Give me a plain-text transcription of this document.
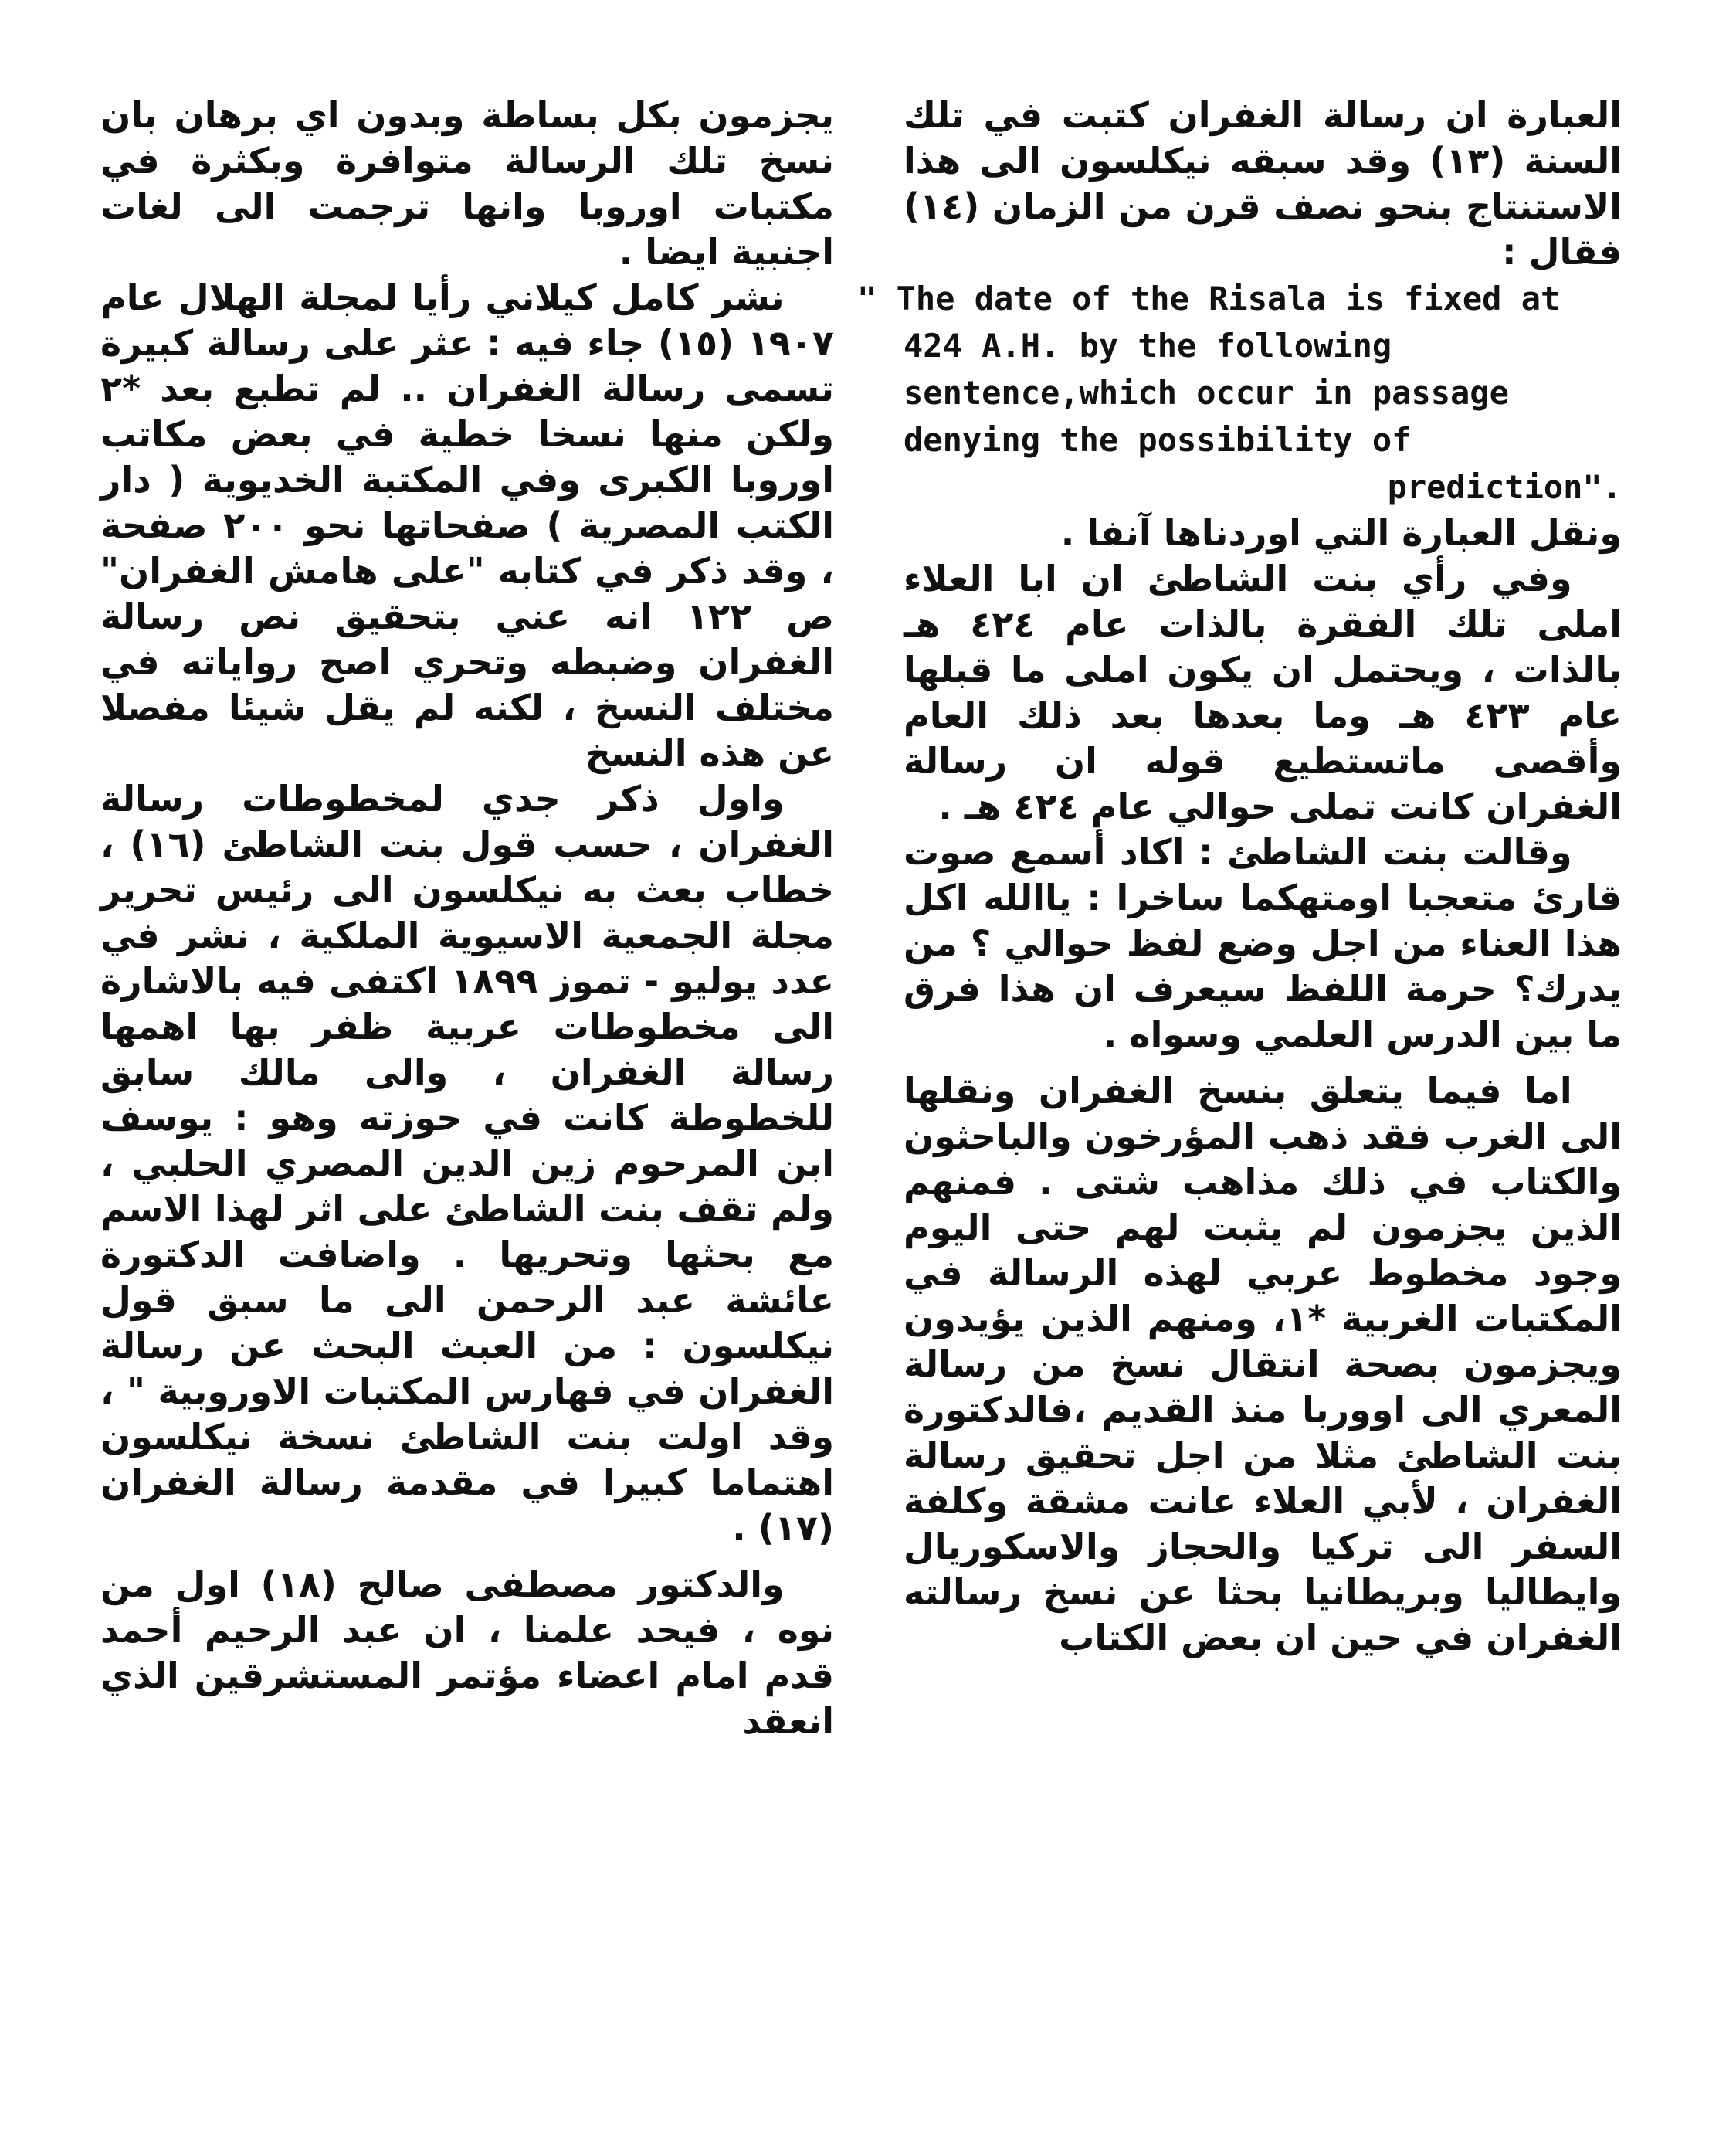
العبارة ان رسالة الغفران كتبت في تلك السنة (١٣) وقد سبقه نيكلسون الى هذا الاستنتاج بنحو نصف قرن من الزمان (١٤) فقال :

" The date of the Risala is fixed at 424 A.H. by the following sentence,which occur in passage denying the possibility of prediction".

ونقل العبارة التي اوردناها آنفا .

وفي رأي بنت الشاطئ ان ابا العلاء املى تلك الفقرة بالذات عام ٤٢٤ هـ بالذات ، ويحتمل ان يكون املى ما قبلها عام ٤٢٣ هـ وما بعدها بعد ذلك العام وأقصى ماتستطيع قوله ان رسالة الغفران كانت تملى حوالي عام ٤٢٤ هـ .

وقالت بنت الشاطئ : اكاد أسمع صوت قارئ متعجبا اومتهكما ساخرا : ياالله اكل هذا العناء من اجل وضع لفظ حوالي ؟ من يدرك؟ حرمة اللفظ سيعرف ان هذا فرق ما بين الدرس العلمي وسواه .

اما فيما يتعلق بنسخ الغفران ونقلها الى الغرب فقد ذهب المؤرخون والباحثون والكتاب في ذلك مذاهب شتى . فمنهم الذين يجزمون لم يثبت لهم حتى اليوم وجود مخطوط عربي لهذه الرسالة في المكتبات الغربية *١، ومنهم الذين يؤيدون ويجزمون بصحة انتقال نسخ من رسالة المعري الى اووربا منذ القديم ،فالدكتورة بنت الشاطئ مثلا من اجل تحقيق رسالة الغفران ، لأبي العلاء عانت مشقة وكلفة السفر الى تركيا والحجاز والاسكوريال وايطاليا وبريطانيا بحثا عن نسخ رسالته الغفران في حين ان بعض الكتاب

يجزمون بكل بساطة وبدون اي برهان بان نسخ تلك الرسالة متوافرة وبكثرة في مكتبات اوروبا وانها ترجمت الى لغات اجنبية ايضا .

نشر كامل كيلاني رأيا لمجلة الهلال عام ١٩٠٧ (١٥) جاء فيه : عثر على رسالة كبيرة تسمى رسالة الغفران .. لم تطبع بعد *٢ ولكن منها نسخا خطية في بعض مكاتب اوروبا الكبرى وفي المكتبة الخديوية ( دار الكتب المصرية ) صفحاتها نحو ٢٠٠ صفحة ، وقد ذكر في كتابه "على هامش الغفران" ص ١٢٢ انه عني بتحقيق نص رسالة الغفران وضبطه وتحري اصح رواياته في مختلف النسخ ، لكنه لم يقل شيئا مفصلا عن هذه النسخ

واول ذكر جدي لمخطوطات رسالة الغفران ، حسب قول بنت الشاطئ (١٦) ، خطاب بعث به نيكلسون الى رئيس تحرير مجلة الجمعية الاسيوية الملكية ، نشر في عدد يوليو - تموز ١٨٩٩ اكتفى فيه بالاشارة الى مخطوطات عربية ظفر بها اهمها رسالة الغفران ، والى مالك سابق للخطوطة كانت في حوزته وهو : يوسف ابن المرحوم زين الدين المصري الحلبي ، ولم تقف بنت الشاطئ على اثر لهذا الاسم مع بحثها وتحريها . واضافت الدكتورة عائشة عبد الرحمن الى ما سبق قول نيكلسون : من العبث البحث عن رسالة الغفران في فهارس المكتبات الاوروبية " ، وقد اولت بنت الشاطئ نسخة نيكلسون اهتماما كبيرا في مقدمة رسالة الغفران (١٧) .

والدكتور مصطفى صالح (١٨) اول من نوه ، فيحد علمنا ، ان عبد الرحيم أحمد قدم امام اعضاء مؤتمر المستشرقين الذي انعقد
